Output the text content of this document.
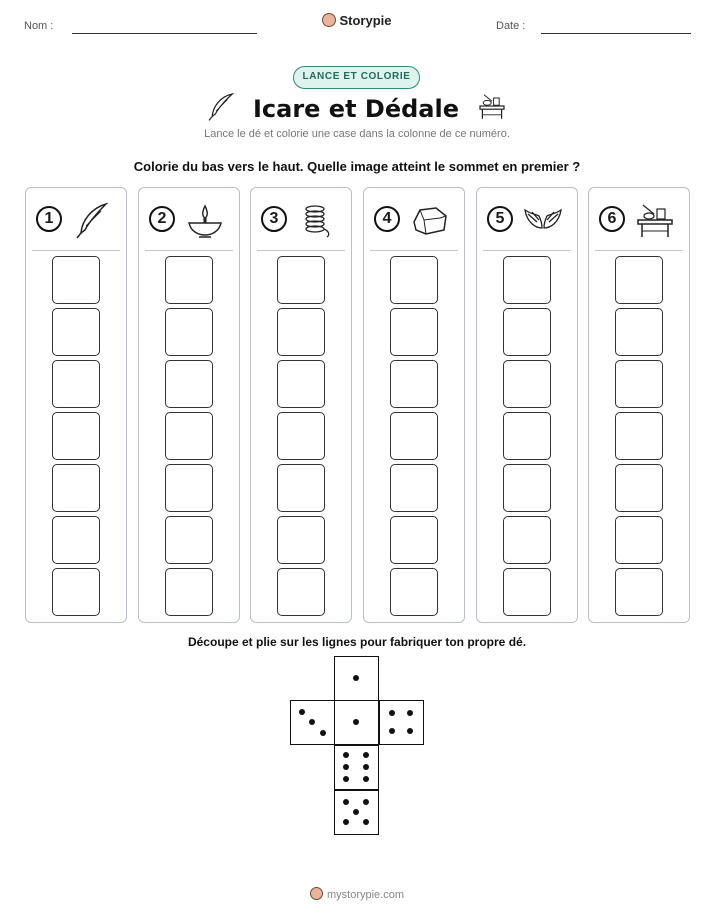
Nom :	Storypie	Date :
LANCE ET COLORIE
Icare et Dédale
Lance le dé et colorie une case dans la colonne de ce numéro.
Colorie du bas vers le haut. Quelle image atteint le sommet en premier ?
1	2	3	4	5	6
Découpe et plie sur les lignes pour fabriquer ton propre dé.
mystorypie.com
